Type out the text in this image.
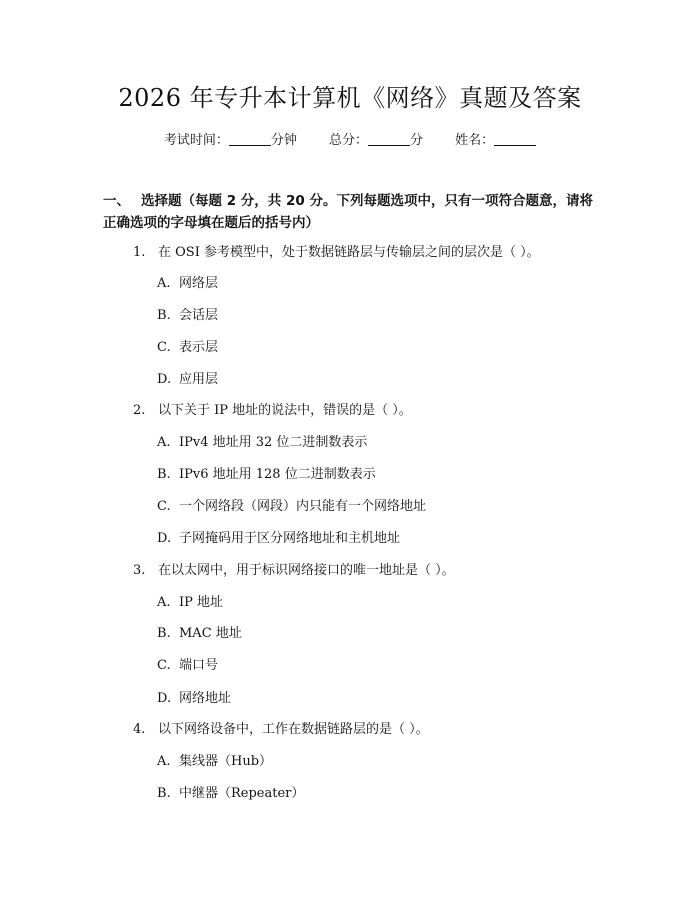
2026 年专升本计算机《网络》真题及答案
考试时间：	分钟 总分：	分 姓名：
一、 选择题（每题 2 分，共 20 分。下列每题选项中，只有一项符合题意，请将正确选项的字母填在题后的括号内）
1. 在 OSI 参考模型中，处于数据链路层与传输层之间的层次是（ ）。
A. 网络层
B. 会话层
C. 表示层
D. 应用层
2. 以下关于 IP 地址的说法中，错误的是（ ）。
A. IPv4 地址用 32 位二进制数表示
B. IPv6 地址用 128 位二进制数表示
C. 一个网络段（网段）内只能有一个网络地址
D. 子网掩码用于区分网络地址和主机地址
3. 在以太网中，用于标识网络接口的唯一地址是（ ）。
A. IP 地址
B. MAC 地址
C. 端口号
D. 网络地址
4. 以下网络设备中，工作在数据链路层的是（ ）。
A. 集线器（Hub）
B. 中继器（Repeater）
